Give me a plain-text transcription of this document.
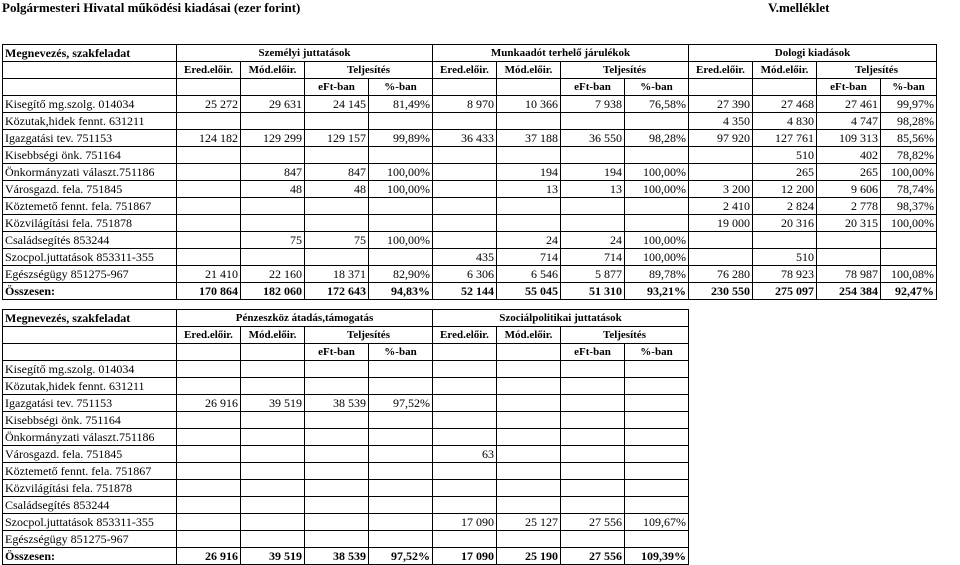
Polgármesteri Hivatal működési kiadásai (ezer forint)	V.melléklet
Megnevezés, szakfeladat	Személyi juttatások				Munkaadót terhelő járulékok				Dologi kiadások			
	Ered.előir.	Mód.előir.	Teljesítés		Ered.előir.	Mód.előir.	Teljesítés		Ered.előir.	Mód.előir.	Teljesítés	
			eFt-ban	%-ban			eFt-ban	%-ban			eFt-ban	%-ban
Kisegítő mg.szolg. 014034	25 272	29 631	24 145	81,49%	8 970	10 366	7 938	76,58%	27 390	27 468	27 461	99,97%
Közutak,hidek fennt. 631211									4 350	4 830	4 747	98,28%
Igazgatási tev. 751153	124 182	129 299	129 157	99,89%	36 433	37 188	36 550	98,28%	97 920	127 761	109 313	85,56%
Kisebbségi önk. 751164										510	402	78,82%
Önkormányzati választ.751186		847	847	100,00%		194	194	100,00%		265	265	100,00%
Városgazd. fela. 751845		48	48	100,00%		13	13	100,00%	3 200	12 200	9 606	78,74%
Köztemető fennt. fela. 751867									2 410	2 824	2 778	98,37%
Közvilágítási fela. 751878									19 000	20 316	20 315	100,00%
Családsegítés 853244		75	75	100,00%		24	24	100,00%				
Szocpol.juttatások 853311-355					435	714	714	100,00%		510		
Egészségügy 851275-967	21 410	22 160	18 371	82,90%	6 306	6 546	5 877	89,78%	76 280	78 923	78 987	100,08%
Összesen:	170 864	182 060	172 643	94,83%	52 144	55 045	51 310	93,21%	230 550	275 097	254 384	92,47%
Megnevezés, szakfeladat	Pénzeszköz átadás,támogatás				Szociálpolitikai juttatások			
	Ered.előir.	Mód.előir.	Teljesítés		Ered.előir.	Mód.előir.	Teljesítés	
			eFt-ban	%-ban			eFt-ban	%-ban
Kisegítő mg.szolg. 014034								
Közutak,hidek fennt. 631211								
Igazgatási tev. 751153	26 916	39 519	38 539	97,52%				
Kisebbségi önk. 751164								
Önkormányzati választ.751186								
Városgazd. fela. 751845					63			
Köztemető fennt. fela. 751867								
Közvilágítási fela. 751878								
Családsegítés 853244								
Szocpol.juttatások 853311-355					17 090	25 127	27 556	109,67%
Egészségügy 851275-967								
Összesen:	26 916	39 519	38 539	97,52%	17 090	25 190	27 556	109,39%
